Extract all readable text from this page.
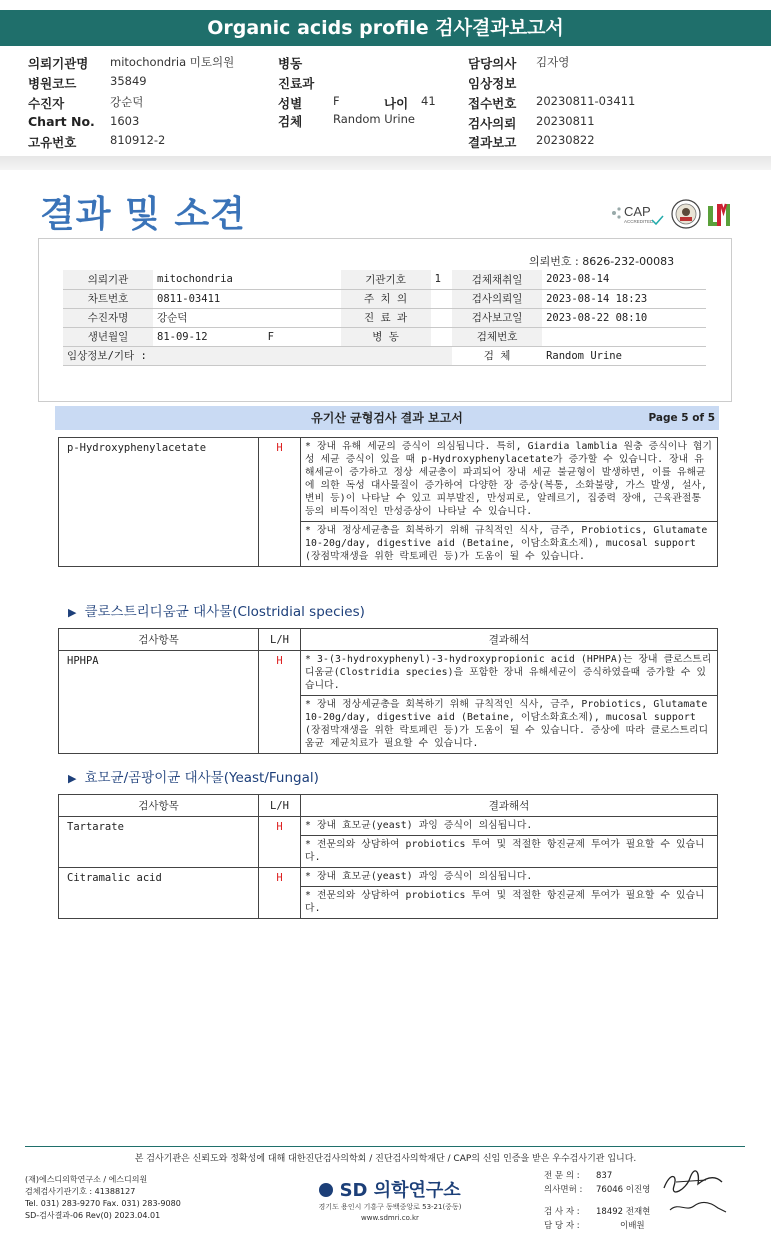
Organic acids profile 검사결과보고서
의뢰기관명 mitochondria 미토의원	병동	담당의사 김자영
병원코드	35849	진료과	임상정보
수진자	강순덕	성별	F	나이 41	접수번호 20230811-03411
Chart No. 1603	검체	Random Urine	검사의뢰 20230811
고유번호	810912-2	결과보고 20230822
결과 및 소견	CAP
ACCREDITED
의뢰번호 : 8626-232-00083
의뢰기관	mitochondria	기관기호	1	검체채취일	2023-08-14
차트번호	0811-03411	주 치 의		검사의뢰일	2023-08-14 18:23
수진자명	강순덕	진 료 과		검사보고일	2023-08-22 08:10
생년월일	81-09-12 F	병 동		검체번호	
임상정보/기타 :				검 체	Random Urine
유기산 균형검사 결과 보고서	Page 5 of 5
p-Hydroxyphenylacetate	H	* 장내 유해 세균의 증식이 의심됩니다. 특히, Giardia lamblia 원충 증식이나 혐기성 세균 증식이 있을 때 p-Hydroxyphenylacetate가 증가할 수 있습니다. 장내 유해세균이 증가하고 정상 세균총이 파괴되어 장내 세균 불균형이 발생하면, 이를 유해균에 의한 독성 대사물질이 증가하여 다양한 장 증상(복통, 소화불량, 가스 발생, 설사, 변비 등)이 나타날 수 있고 피부발진, 만성피로, 알레르기, 집중력 장애, 근육관절통 등의 비특이적인 만성증상이 나타날 수 있습니다.
* 장내 정상세균총을 회복하기 위해 규칙적인 식사, 금주, Probiotics, Glutamate 10-20g/day, digestive aid (Betaine, 이담소화효소제), mucosal support (장점막재생을 위한 락토페린 등)가 도움이 될 수 있습니다.
▶ 클로스트리디움균 대사물(Clostridial species)
검사항목	L/H	결과해석
HPHPA	H	* 3-(3-hydroxyphenyl)-3-hydroxypropionic acid (HPHPA)는 장내 클로스트리디움균(Clostridia species)을 포함한 장내 유해세균이 증식하였을때 증가할 수 있습니다.
		* 장내 정상세균총을 회복하기 위해 규칙적인 식사, 금주, Probiotics, Glutamate 10-20g/day, digestive aid (Betaine, 이담소화효소제), mucosal support (장점막재생을 위한 락토페린 등)가 도움이 될 수 있습니다. 증상에 따라 클로스트리디움균 제균치료가 필요할 수 있습니다.
▶ 효모균/곰팡이균 대사물(Yeast/Fungal)
검사항목	L/H	결과해석
Tartarate	H	* 장내 효모균(yeast) 과잉 증식이 의심됩니다.
		* 전문의와 상담하여 probiotics 투여 및 적절한 항진균제 투여가 필요할 수 있습니다.
Citramalic acid	H	* 장내 효모균(yeast) 과잉 증식이 의심됩니다.
		* 전문의와 상담하여 probiotics 투여 및 적절한 항진균제 투여가 필요할 수 있습니다.
본 검사기관은 신뢰도와 정확성에 대해 대한진단검사의학회 / 진단검사의학재단 / CAP의 신임 인증을 받은 우수검사기관 입니다.
(재)에스디의학연구소 / 에스디의원
검체검사기관기호 : 41388127
Tel. 031) 283-9270 Fax. 031) 283-9080
SD-검사결과-06 Rev(0) 2023.04.01
SD 의학연구소
경기도 용인시 기흥구 동백중앙로 53-21(중동)
www.sdmri.co.kr
전 문 의 : 837
의사면허 : 76046 이진영
검 사 자 : 18492 전재현
담 당 자 :	이배원
